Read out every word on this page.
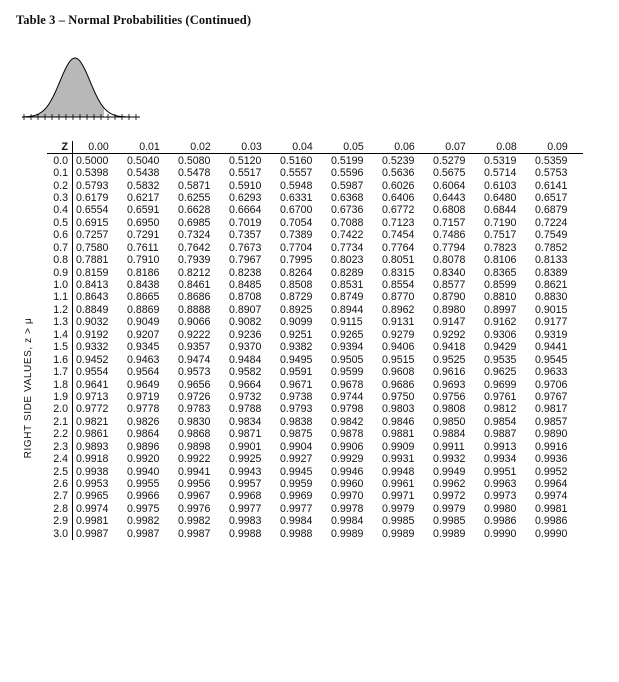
Table 3 – Normal Probabilities (Continued)
RIGHT SIDE VALUES, z > μ
Z	0.00	0.01	0.02	0.03	0.04	0.05	0.06	0.07	0.08	0.09
0.0	0.5000	0.5040	0.5080	0.5120	0.5160	0.5199	0.5239	0.5279	0.5319	0.5359
0.1	0.5398	0.5438	0.5478	0.5517	0.5557	0.5596	0.5636	0.5675	0.5714	0.5753
0.2	0.5793	0.5832	0.5871	0.5910	0.5948	0.5987	0.6026	0.6064	0.6103	0.6141
0.3	0.6179	0.6217	0.6255	0.6293	0.6331	0.6368	0.6406	0.6443	0.6480	0.6517
0.4	0.6554	0.6591	0.6628	0.6664	0.6700	0.6736	0.6772	0.6808	0.6844	0.6879
0.5	0.6915	0.6950	0.6985	0.7019	0.7054	0.7088	0.7123	0.7157	0.7190	0.7224
0.6	0.7257	0.7291	0.7324	0.7357	0.7389	0.7422	0.7454	0.7486	0.7517	0.7549
0.7	0.7580	0.7611	0.7642	0.7673	0.7704	0.7734	0.7764	0.7794	0.7823	0.7852
0.8	0.7881	0.7910	0.7939	0.7967	0.7995	0.8023	0.8051	0.8078	0.8106	0.8133
0.9	0.8159	0.8186	0.8212	0.8238	0.8264	0.8289	0.8315	0.8340	0.8365	0.8389
1.0	0.8413	0.8438	0.8461	0.8485	0.8508	0.8531	0.8554	0.8577	0.8599	0.8621
1.1	0.8643	0.8665	0.8686	0.8708	0.8729	0.8749	0.8770	0.8790	0.8810	0.8830
1.2	0.8849	0.8869	0.8888	0.8907	0.8925	0.8944	0.8962	0.8980	0.8997	0.9015
1.3	0.9032	0.9049	0.9066	0.9082	0.9099	0.9115	0.9131	0.9147	0.9162	0.9177
1.4	0.9192	0.9207	0.9222	0.9236	0.9251	0.9265	0.9279	0.9292	0.9306	0.9319
1.5	0.9332	0.9345	0.9357	0.9370	0.9382	0.9394	0.9406	0.9418	0.9429	0.9441
1.6	0.9452	0.9463	0.9474	0.9484	0.9495	0.9505	0.9515	0.9525	0.9535	0.9545
1.7	0.9554	0.9564	0.9573	0.9582	0.9591	0.9599	0.9608	0.9616	0.9625	0.9633
1.8	0.9641	0.9649	0.9656	0.9664	0.9671	0.9678	0.9686	0.9693	0.9699	0.9706
1.9	0.9713	0.9719	0.9726	0.9732	0.9738	0.9744	0.9750	0.9756	0.9761	0.9767
2.0	0.9772	0.9778	0.9783	0.9788	0.9793	0.9798	0.9803	0.9808	0.9812	0.9817
2.1	0.9821	0.9826	0.9830	0.9834	0.9838	0.9842	0.9846	0.9850	0.9854	0.9857
2.2	0.9861	0.9864	0.9868	0.9871	0.9875	0.9878	0.9881	0.9884	0.9887	0.9890
2.3	0.9893	0.9896	0.9898	0.9901	0.9904	0.9906	0.9909	0.9911	0.9913	0.9916
2.4	0.9918	0.9920	0.9922	0.9925	0.9927	0.9929	0.9931	0.9932	0.9934	0.9936
2.5	0.9938	0.9940	0.9941	0.9943	0.9945	0.9946	0.9948	0.9949	0.9951	0.9952
2.6	0.9953	0.9955	0.9956	0.9957	0.9959	0.9960	0.9961	0.9962	0.9963	0.9964
2.7	0.9965	0.9966	0.9967	0.9968	0.9969	0.9970	0.9971	0.9972	0.9973	0.9974
2.8	0.9974	0.9975	0.9976	0.9977	0.9977	0.9978	0.9979	0.9979	0.9980	0.9981
2.9	0.9981	0.9982	0.9982	0.9983	0.9984	0.9984	0.9985	0.9985	0.9986	0.9986
3.0	0.9987	0.9987	0.9987	0.9988	0.9988	0.9989	0.9989	0.9989	0.9990	0.9990
